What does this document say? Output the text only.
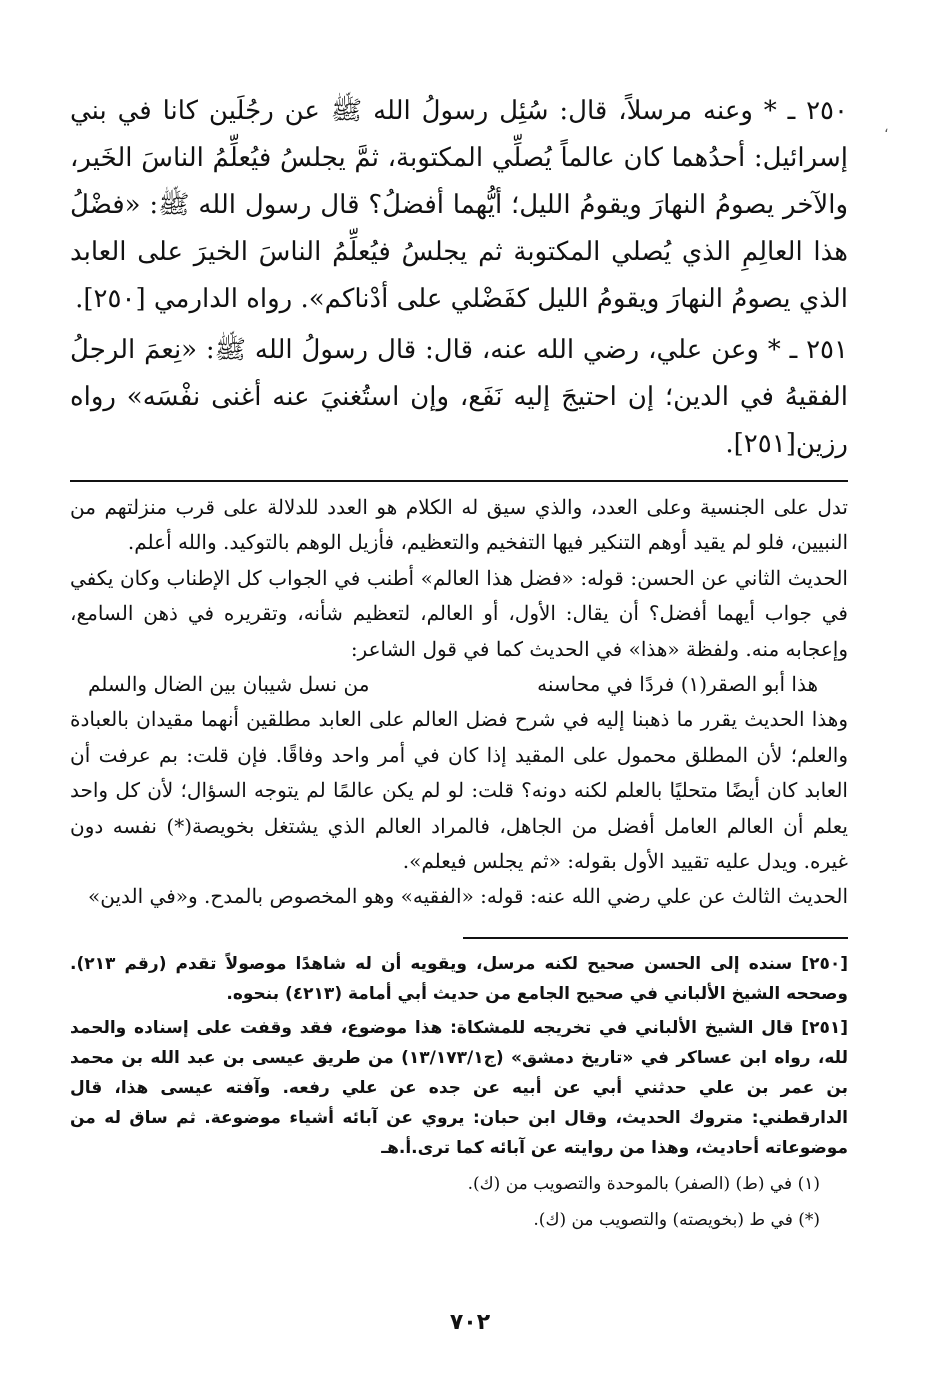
٢٥٠ ـ * وعنه مرسلاً، قال: سُئِل رسولُ الله ﷺ عن رجُلَين كانا في بني إسرائيل: أحدُهما كان عالماً يُصلِّي المكتوبة، ثمَّ يجلسُ فيُعلِّمُ الناسَ الخَير، والآخر يصومُ النهارَ ويقومُ الليل؛ أيُّهما أفضلُ؟ قال رسول الله ﷺ: «فضْلُ هذا العالِمِ الذي يُصلي المكتوبة ثم يجلسُ فيُعلِّمُ الناسَ الخيرَ على العابد الذي يصومُ النهارَ ويقومُ الليل كفَضْلي على أدْناكم». رواه الدارمي [٢٥٠].

٢٥١ ـ * وعن علي، رضي الله عنه، قال: قال رسولُ الله ﷺ: «نِعمَ الرجلُ الفقيهُ في الدين؛ إن احتيجَ إليه نَفَع، وإن استُغنيَ عنه أغنى نفْسَه» رواه رزين[٢٥١].

تدل على الجنسية وعلى العدد، والذي سيق له الكلام هو العدد للدلالة على قرب منزلتهم من النبيين، فلو لم يقيد أوهم التنكير فيها التفخيم والتعظيم، فأزيل الوهم بالتوكيد. والله أعلم.

الحديث الثاني عن الحسن: قوله: «فضل هذا العالم» أطنب في الجواب كل الإطناب وكان يكفي في جواب أيهما أفضل؟ أن يقال: الأول، أو العالم، لتعظيم شأنه، وتقريره في ذهن السامع، وإعجابه منه. ولفظة «هذا» في الحديث كما في قول الشاعر:

هذا أبو الصقر(١) فردًا في محاسنه
من نسل شيبان بين الضال والسلم

وهذا الحديث يقرر ما ذهبنا إليه في شرح فضل العالم على العابد مطلقين أنهما مقيدان بالعبادة والعلم؛ لأن المطلق محمول على المقيد إذا كان في أمر واحد وفاقًا. فإن قلت: بم عرفت أن العابد كان أيضًا متحليًا بالعلم لكنه دونه؟ قلت: لو لم يكن عالمًا لم يتوجه السؤال؛ لأن كل واحد يعلم أن العالم العامل أفضل من الجاهل، فالمراد العالم الذي يشتغل بخويصة(*) نفسه دون غيره. ويدل عليه تقييد الأول بقوله: «ثم يجلس فيعلم».

الحديث الثالث عن علي رضي الله عنه: قوله: «الفقيه» وهو المخصوص بالمدح. و«في الدين»

[٢٥٠] سنده إلى الحسن صحيح لكنه مرسل، ويقويه أن له شاهدًا موصولاً تقدم (رقم ٢١٣). وصححه الشيخ الألباني في صحيح الجامع من حديث أبي أمامة (٤٢١٣) بنحوه.

[٢٥١] قال الشيخ الألباني في تخريجه للمشكاة: هذا موضوع، فقد وقفت على إسناده والحمد لله، رواه ابن عساكر في «تاريخ دمشق» (ج١٣/١٧٣/١) من طريق عيسى بن عبد الله بن محمد بن عمر بن علي حدثني أبي عن أبيه عن جده عن علي رفعه. وآفته عيسى هذا، قال الدارقطني: متروك الحديث، وقال ابن حبان: يروي عن آبائه أشياء موضوعة. ثم ساق له من موضوعاته أحاديث، وهذا من روايته عن آبائه كما ترى.أ.هـ

(١) في (ط) (الصفر) بالموحدة والتصويب من (ك).

(*) في ط (بخويصته) والتصويب من (ك).

،
٧٠٢
